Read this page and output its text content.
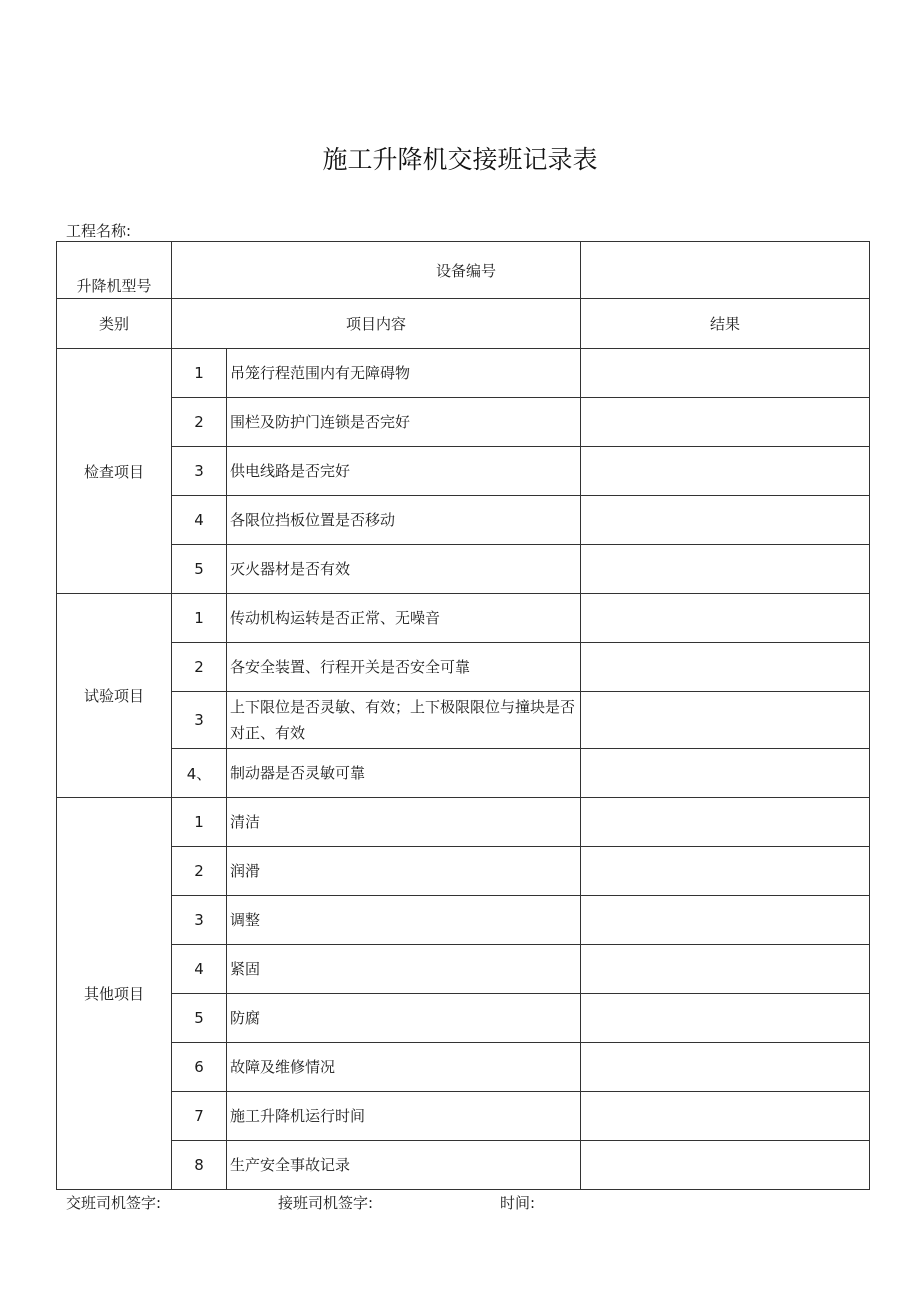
施工升降机交接班记录表
工程名称:
升降机型号	设备编号		
类别	项目内容		结果
检查项目	1	吊笼行程范围内有无障碍物	
	2	围栏及防护门连锁是否完好	
	3	供电线路是否完好	
	4	各限位挡板位置是否移动	
	5	灭火器材是否有效	
试验项目	1	传动机构运转是否正常、无噪音	
	2	各安全装置、行程开关是否安全可靠	
	3	上下限位是否灵敏、有效；上下极限限位与撞块是否对正、有效	
	4、	制动器是否灵敏可靠	
其他项目	1	清洁	
	2	润滑	
	3	调整	
	4	紧固	
	5	防腐	
	6	故障及维修情况	
	7	施工升降机运行时间	
	8	生产安全事故记录	
交班司机签字:	接班司机签字:	时间:
